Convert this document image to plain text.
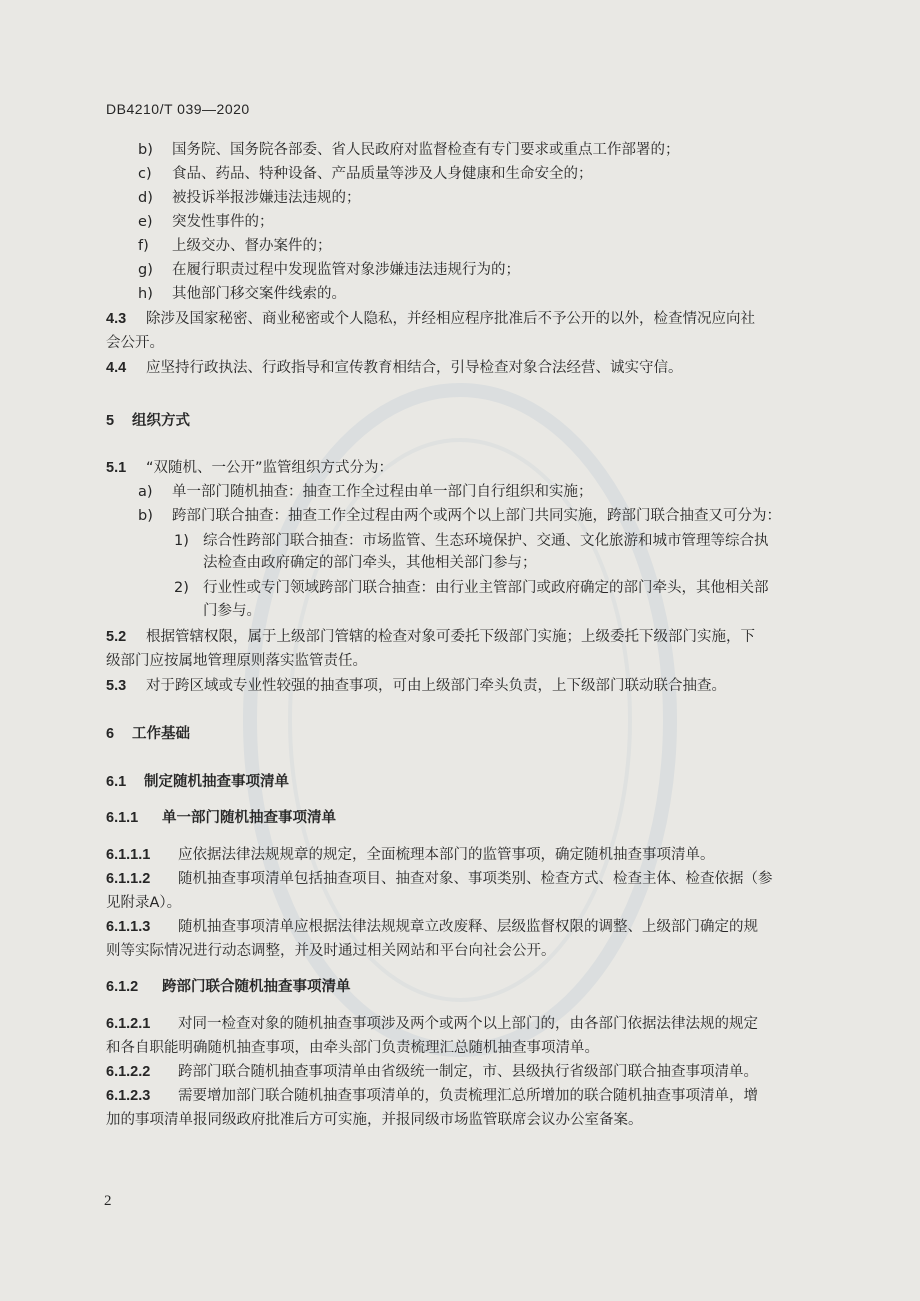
DB4210/T 039—2020
b) 国务院、国务院各部委、省人民政府对监督检查有专门要求或重点工作部署的；
c) 食品、药品、特种设备、产品质量等涉及人身健康和生命安全的；
d) 被投诉举报涉嫌违法违规的；
e) 突发性事件的；
f) 上级交办、督办案件的；
g) 在履行职责过程中发现监管对象涉嫌违法违规行为的；
h) 其他部门移交案件线索的。
4.3 除涉及国家秘密、商业秘密或个人隐私，并经相应程序批准后不予公开的以外，检查情况应向社
会公开。
4.4 应坚持行政执法、行政指导和宣传教育相结合，引导检查对象合法经营、诚实守信。
5 组织方式
5.1 “双随机、一公开”监管组织方式分为：
a) 单一部门随机抽查：抽查工作全过程由单一部门自行组织和实施；
b) 跨部门联合抽查：抽查工作全过程由两个或两个以上部门共同实施，跨部门联合抽查又可分为：
1) 综合性跨部门联合抽查：市场监管、生态环境保护、交通、文化旅游和城市管理等综合执
法检查由政府确定的部门牵头，其他相关部门参与；
2) 行业性或专门领域跨部门联合抽查：由行业主管部门或政府确定的部门牵头，其他相关部
门参与。
5.2 根据管辖权限，属于上级部门管辖的检查对象可委托下级部门实施；上级委托下级部门实施，下
级部门应按属地管理原则落实监管责任。
5.3 对于跨区域或专业性较强的抽查事项，可由上级部门牵头负责，上下级部门联动联合抽查。
6 工作基础
6.1 制定随机抽查事项清单
6.1.1 单一部门随机抽查事项清单
6.1.1.1 应依据法律法规规章的规定，全面梳理本部门的监管事项，确定随机抽查事项清单。
6.1.1.2 随机抽查事项清单包括抽查项目、抽查对象、事项类别、检查方式、检查主体、检查依据（参
见附录A）。
6.1.1.3 随机抽查事项清单应根据法律法规规章立改废释、层级监督权限的调整、上级部门确定的规
则等实际情况进行动态调整，并及时通过相关网站和平台向社会公开。
6.1.2 跨部门联合随机抽查事项清单
6.1.2.1 对同一检查对象的随机抽查事项涉及两个或两个以上部门的，由各部门依据法律法规的规定
和各自职能明确随机抽查事项，由牵头部门负责梳理汇总随机抽查事项清单。
6.1.2.2 跨部门联合随机抽查事项清单由省级统一制定，市、县级执行省级部门联合抽查事项清单。
6.1.2.3 需要增加部门联合随机抽查事项清单的，负责梳理汇总所增加的联合随机抽查事项清单，增
加的事项清单报同级政府批准后方可实施，并报同级市场监管联席会议办公室备案。
2
